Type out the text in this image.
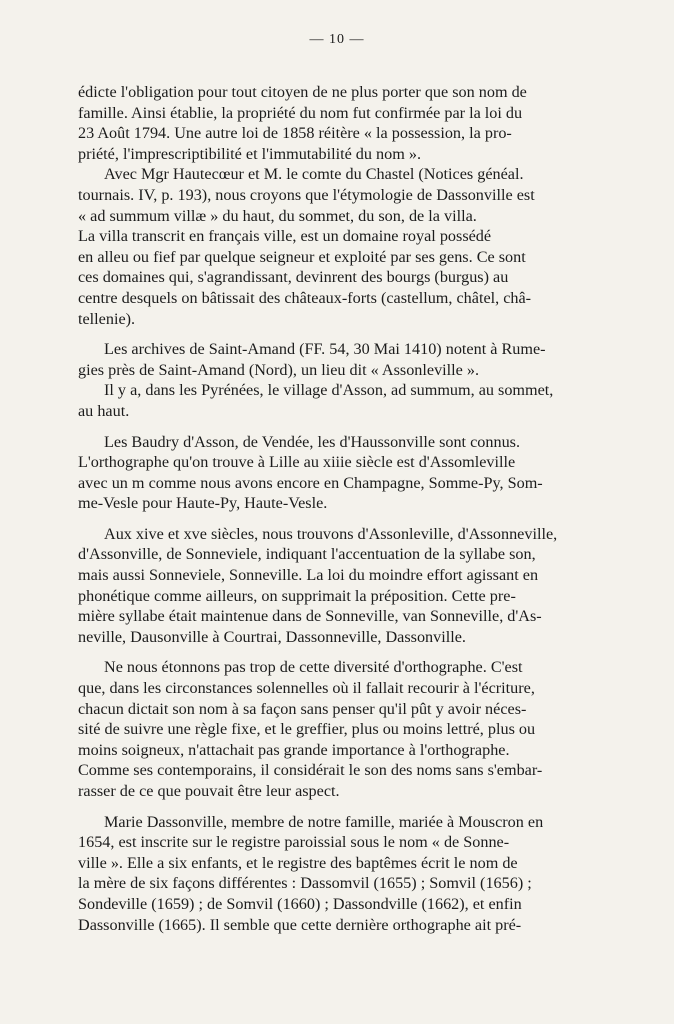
— 10 —

édicte l'obligation pour tout citoyen de ne plus porter que son nom de
famille. Ainsi établie, la propriété du nom fut confirmée par la loi du
23 Août 1794. Une autre loi de 1858 réitère « la possession, la pro-
priété, l'imprescriptibilité et l'immutabilité du nom ».

Avec Mgr Hautecœur et M. le comte du Chastel (Notices généal.
tournais. IV, p. 193), nous croyons que l'étymologie de Dassonville est
« ad summum villæ » du haut, du sommet, du son, de la villa.
La villa transcrit en français ville, est un domaine royal possédé
en alleu ou fief par quelque seigneur et exploité par ses gens. Ce sont
ces domaines qui, s'agrandissant, devinrent des bourgs (burgus) au
centre desquels on bâtissait des châteaux-forts (castellum, châtel, châ-
tellenie).

Les archives de Saint-Amand (FF. 54, 30 Mai 1410) notent à Rume-
gies près de Saint-Amand (Nord), un lieu dit « Assonleville ».

Il y a, dans les Pyrénées, le village d'Asson, ad summum, au sommet,
au haut.

Les Baudry d'Asson, de Vendée, les d'Haussonville sont connus.
L'orthographe qu'on trouve à Lille au xiiie siècle est d'Assomleville
avec un m comme nous avons encore en Champagne, Somme-Py, Som-
me-Vesle pour Haute-Py, Haute-Vesle.

Aux xive et xve siècles, nous trouvons d'Assonleville, d'Assonneville,
d'Assonville, de Sonneviele, indiquant l'accentuation de la syllabe son,
mais aussi Sonneviele, Sonneville. La loi du moindre effort agissant en
phonétique comme ailleurs, on supprimait la préposition. Cette pre-
mière syllabe était maintenue dans de Sonneville, van Sonneville, d'As-
neville, Dausonville à Courtrai, Dassonneville, Dassonville.

Ne nous étonnons pas trop de cette diversité d'orthographe. C'est
que, dans les circonstances solennelles où il fallait recourir à l'écriture,
chacun dictait son nom à sa façon sans penser qu'il pût y avoir néces-
sité de suivre une règle fixe, et le greffier, plus ou moins lettré, plus ou
moins soigneux, n'attachait pas grande importance à l'orthographe.
Comme ses contemporains, il considérait le son des noms sans s'embar-
rasser de ce que pouvait être leur aspect.

Marie Dassonville, membre de notre famille, mariée à Mouscron en
1654, est inscrite sur le registre paroissial sous le nom « de Sonne-
ville ». Elle a six enfants, et le registre des baptêmes écrit le nom de
la mère de six façons différentes : Dassomvil (1655) ; Somvil (1656) ;
Sondeville (1659) ; de Somvil (1660) ; Dassondville (1662), et enfin
Dassonville (1665). Il semble que cette dernière orthographe ait pré-
